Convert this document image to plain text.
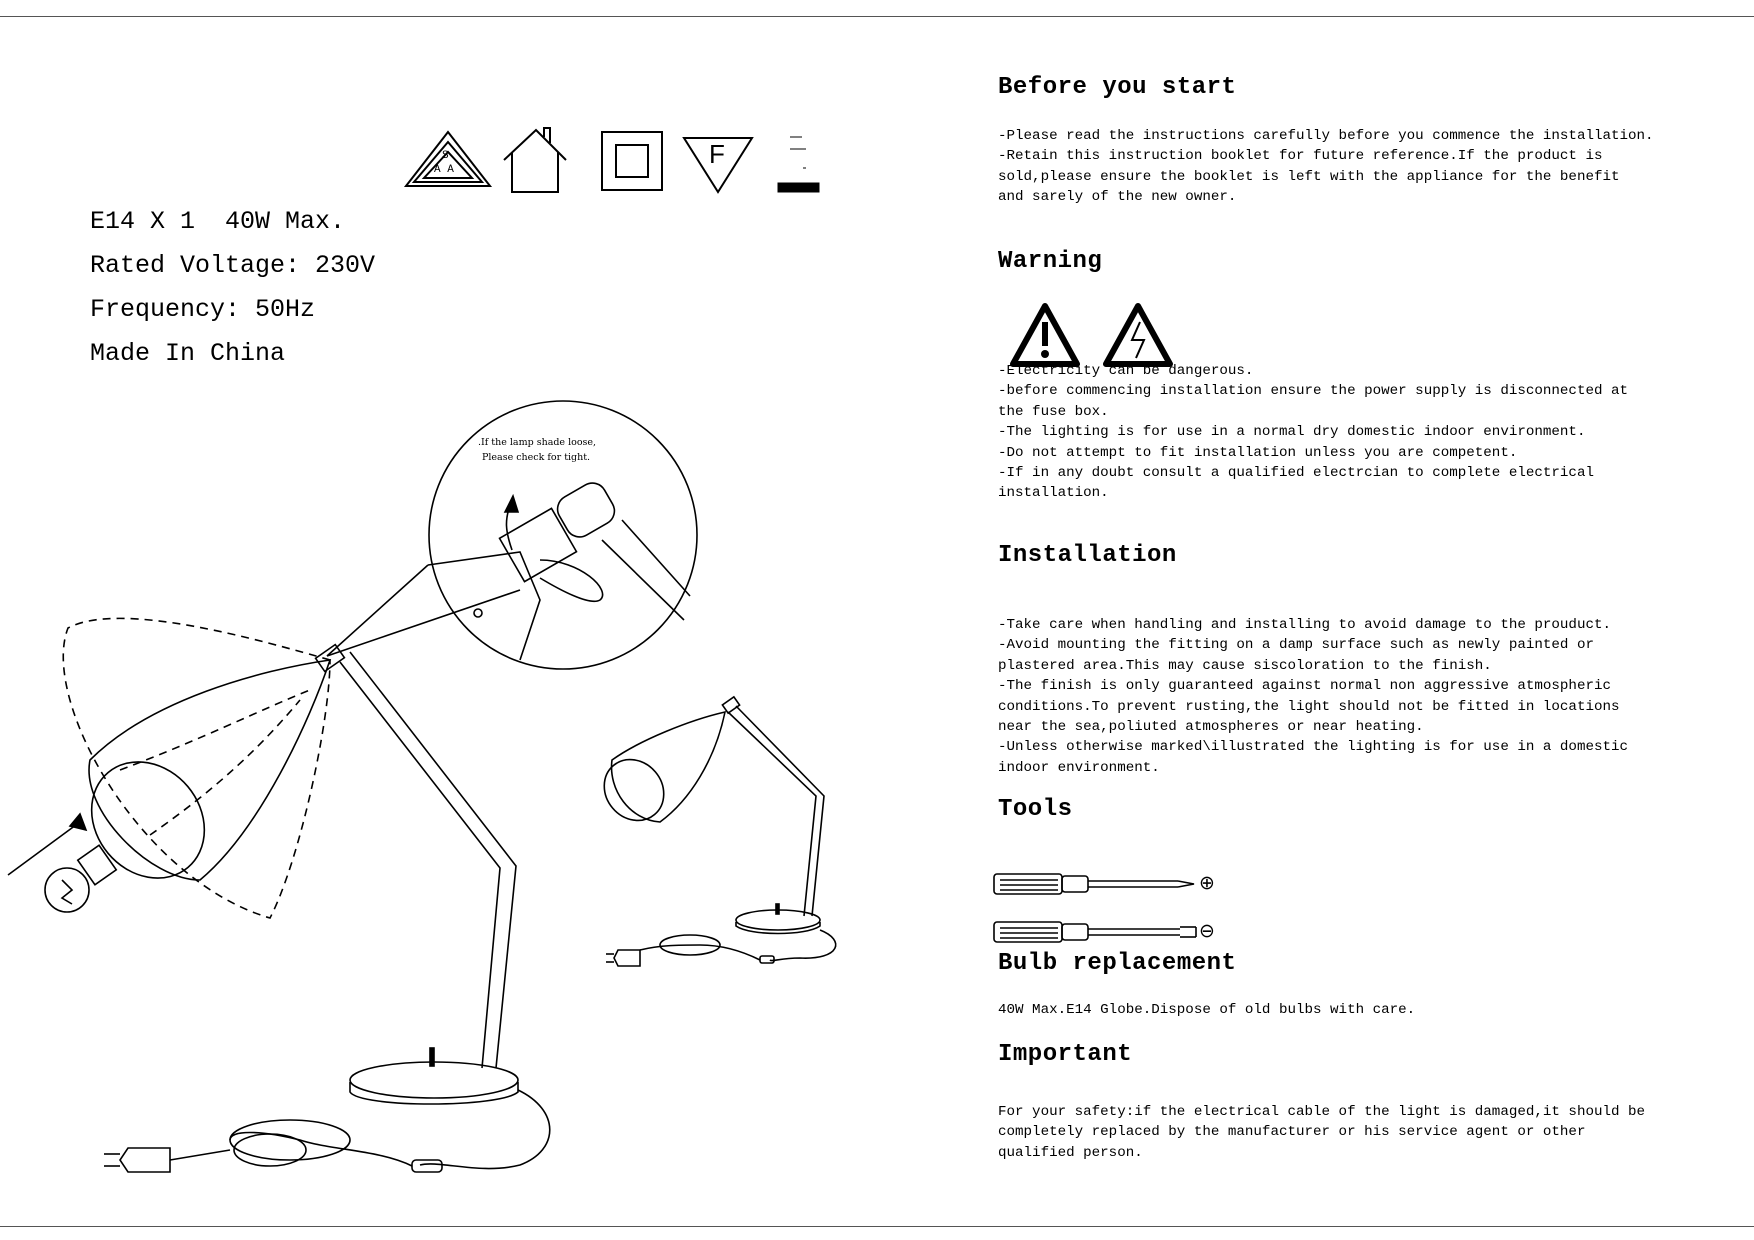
S
A A
F
E14 X 1  40W Max.
Rated Voltage: 230V
Frequency: 50Hz
Made In China
.If the lamp shade loose,
Please check for tight.
Before you start
-Please read the instructions carefully before you commence the installation.
-Retain this instruction booklet for future reference.If the product is
sold,please ensure the booklet is left with the appliance for the benefit
and sarely of the new owner.
Warning
-Electricity can be dangerous.
-before commencing installation ensure the power supply is disconnected at
the fuse box.
-The lighting is for use in a normal dry domestic indoor environment.
-Do not attempt to fit installation unless you are competent.
-If in any doubt consult a qualified electrcian to complete electrical
installation.
Installation
-Take care when handling and installing to avoid damage to the prouduct.
-Avoid mounting the fitting on a damp surface such as newly painted or
plastered area.This may cause siscoloration to the finish.
-The finish is only guaranteed against normal non aggressive atmospheric
conditions.To prevent rusting,the light should not be fitted in locations
near the sea,poliuted atmospheres or near heating.
-Unless otherwise marked\illustrated the lighting is for use in a domestic
indoor environment.
Tools
⊕
⊖
Bulb replacement
40W Max.E14 Globe.Dispose of old bulbs with care.
Important
For your safety:if the electrical cable of the light is damaged,it should be
completely replaced by the manufacturer or his service agent or other
qualified person.
